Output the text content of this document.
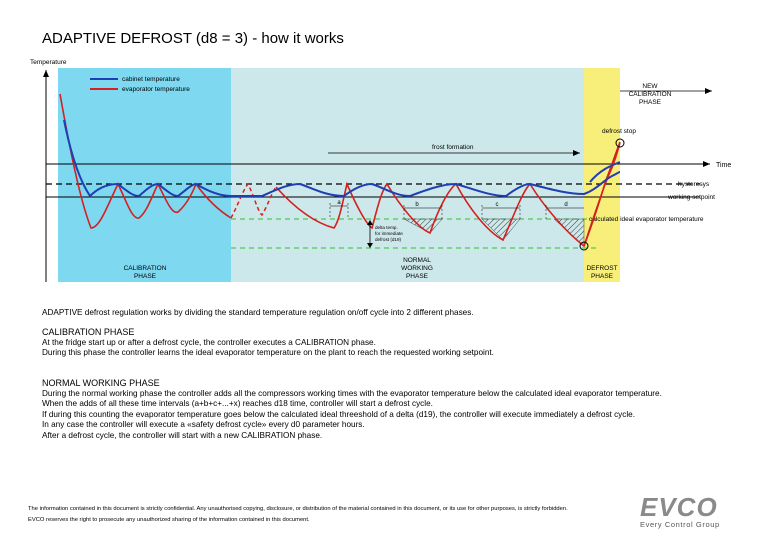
ADAPTIVE DEFROST (d8 = 3) - how it works
Temperature
Time
hysteresys
working setpoint
calculated ideal evaporator temperature
defrost stop
cabinet temperature
evaporator temperature
frost formation
NEW
CALIBRATION
PHASE
a	b	c	d
delta temp.
for immediate
defrost (d19)
CALIBRATION
PHASE
NORMAL
WORKING
PHASE
DEFROST
PHASE
ADAPTIVE defrost regulation works by dividing the standard temperature regulation on/off cycle into 2 different phases.
CALIBRATION PHASE
At the fridge start up or after a defrost cycle, the controller executes a CALIBRATION phase.
During this phase the controller learns the ideal evaporator temperature on the plant to reach the requested working setpoint.
NORMAL WORKING PHASE
During the normal working phase the controller adds all the compressors working times with the evaporator temperature below the calculated ideal evaporator temperature.
When the adds of all these time intervals (a+b+c+...+x) reaches d18 time, controller will start a defrost cycle.
If during this counting the evaporator temperature goes below the calculated ideal threeshold of a delta (d19), the controller will execute immediately a defrost cycle.
In any case the controller will execute a «safety defrost cycle» every d0 parameter hours.
After a defrost cycle, the controller will start with a new CALIBRATION phase.
The information contained in this document is strictly confidential. Any unauthorised copying, disclosure, or distribution of the material contained in this document, or its use for other purposes, is strictly forbidden.
EVCO reserves the right to prosecute any unauthorized sharing of the information contained in this document.	EVCO
Every Control Group
